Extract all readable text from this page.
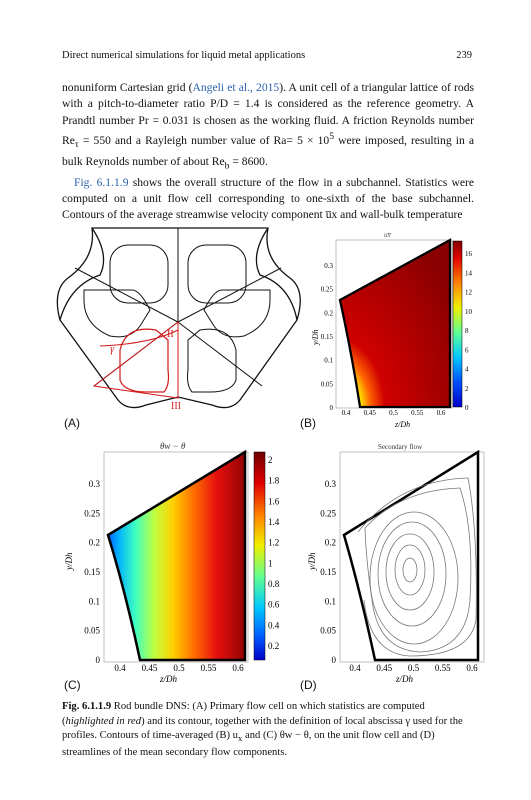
Direct numerical simulations for liquid metal applications	239

nonuniform Cartesian grid (Angeli et al., 2015). A unit cell of a triangular lattice of rods with a pitch-to-diameter ratio P/D = 1.4 is considered as the reference geometry. A Prandtl number Pr = 0.031 is chosen as the working fluid. A friction Reynolds number $Re_\tau = 550$ and a Rayleigh number value of $Ra= 5 \times 10^5$ were imposed, resulting in a bulk Reynolds number of about $Re_b = 8600$.

Fig. 6.1.1.9 shows the overall structure of the flow in a subchannel. Statistics were computed on a unit flow cell corresponding to one-sixth of the base subchannel. Contours of the average streamwise velocity component u̅x and wall-bulk temperature

II
III
γ
ux̅
16
14
12
10
8
6
4
2
0
0.4 0.45 0.5 0.55 0.6
0
0.05
0.1
0.15
0.2
0.25
0.3
z/Dh
y/Dh
θw − θ
2
1.8
1.6
1.4
1.2
1
0.8
0.6
0.4
0.2
0.4 0.45 0.5 0.55 0.6
0
0.05
0.1
0.15
0.2
0.25
0.3
z/Dh
y/Dh
Secondary flow
0.4 0.45 0.5 0.55 0.6
0
0.05
0.1
0.15
0.2
0.25
0.3
z/Dh
y/Dh
(A)	(B)
(C)	(D)
Fig. 6.1.1.9 Rod bundle DNS: (A) Primary flow cell on which statistics are computed (highlighted in red) and its contour, together with the definition of local abscissa γ used for the profiles. Contours of time-averaged (B) $u_x$ and (C) θw − θ, on the unit flow cell and (D) streamlines of the mean secondary flow components.
